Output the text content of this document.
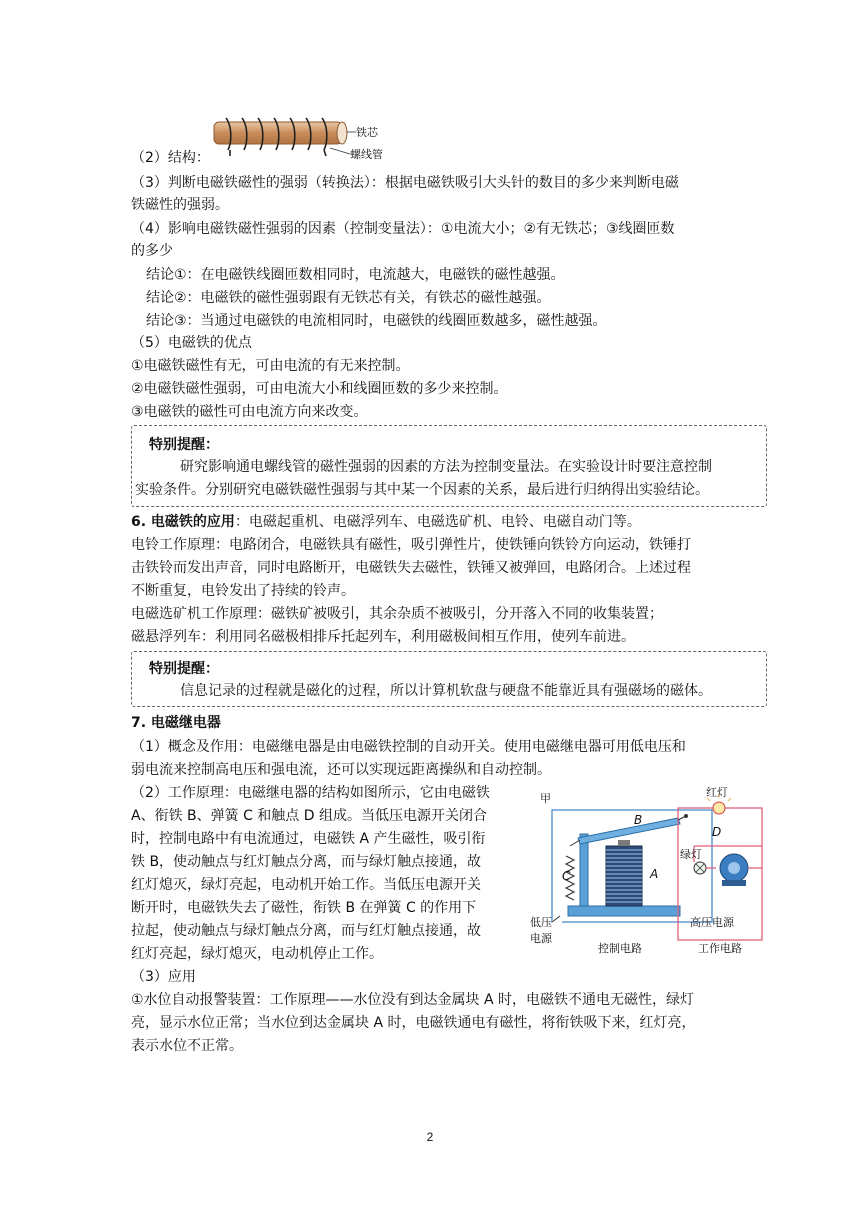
（2）结构：
铁芯
螺线管
（3）判断电磁铁磁性的强弱（转换法）：根据电磁铁吸引大头针的数目的多少来判断电磁
铁磁性的强弱。
（4）影响电磁铁磁性强弱的因素（控制变量法）：①电流大小；②有无铁芯；③线圈匝数
的多少
结论①：在电磁铁线圈匝数相同时，电流越大，电磁铁的磁性越强。
结论②：电磁铁的磁性强弱跟有无铁芯有关，有铁芯的磁性越强。
结论③：当通过电磁铁的电流相同时，电磁铁的线圈匝数越多，磁性越强。
（5）电磁铁的优点
①电磁铁磁性有无，可由电流的有无来控制。
②电磁铁磁性强弱，可由电流大小和线圈匝数的多少来控制。
③电磁铁的磁性可由电流方向来改变。
特别提醒：
研究影响通电螺线管的磁性强弱的因素的方法为控制变量法。在实验设计时要注意控制
实验条件。分别研究电磁铁磁性强弱与其中某一个因素的关系，最后进行归纳得出实验结论。
6. 电磁铁的应用：电磁起重机、电磁浮列车、电磁选矿机、电铃、电磁自动门等。
电铃工作原理：电路闭合，电磁铁具有磁性，吸引弹性片，使铁锤向铁铃方向运动，铁锤打
击铁铃而发出声音，同时电路断开，电磁铁失去磁性，铁锤又被弹回，电路闭合。上述过程
不断重复，电铃发出了持续的铃声。
电磁选矿机工作原理：磁铁矿被吸引，其余杂质不被吸引，分开落入不同的收集装置；
磁悬浮列车：利用同名磁极相排斥托起列车，利用磁极间相互作用，使列车前进。
特别提醒：
信息记录的过程就是磁化的过程，所以计算机软盘与硬盘不能靠近具有强磁场的磁体。
7. 电磁继电器
（1）概念及作用：电磁继电器是由电磁铁控制的自动开关。使用电磁继电器可用低电压和
弱电流来控制高电压和强电流，还可以实现远距离操纵和自动控制。
（2）工作原理：电磁继电器的结构如图所示，它由电磁铁
A、衔铁 B、弹簧 C 和触点 D 组成。当低压电源开关闭合
时，控制电路中有电流通过，电磁铁 A 产生磁性，吸引衔
铁 B，使动触点与红灯触点分离，而与绿灯触点接通，故
红灯熄灭，绿灯亮起，电动机开始工作。当低压电源开关
断开时，电磁铁失去了磁性，衔铁 B 在弹簧 C 的作用下
拉起，使动触点与绿灯触点分离，而与红灯触点接通，故
红灯亮起，绿灯熄灭，电动机停止工作。
甲	红灯
B
C	A
D
绿灯
低压
电源
高压电源
控制电路	工作电路
（3）应用
①水位自动报警装置：工作原理——水位没有到达金属块 A 时，电磁铁不通电无磁性，绿灯
亮，显示水位正常；当水位到达金属块 A 时，电磁铁通电有磁性，将衔铁吸下来，红灯亮，
表示水位不正常。
2
